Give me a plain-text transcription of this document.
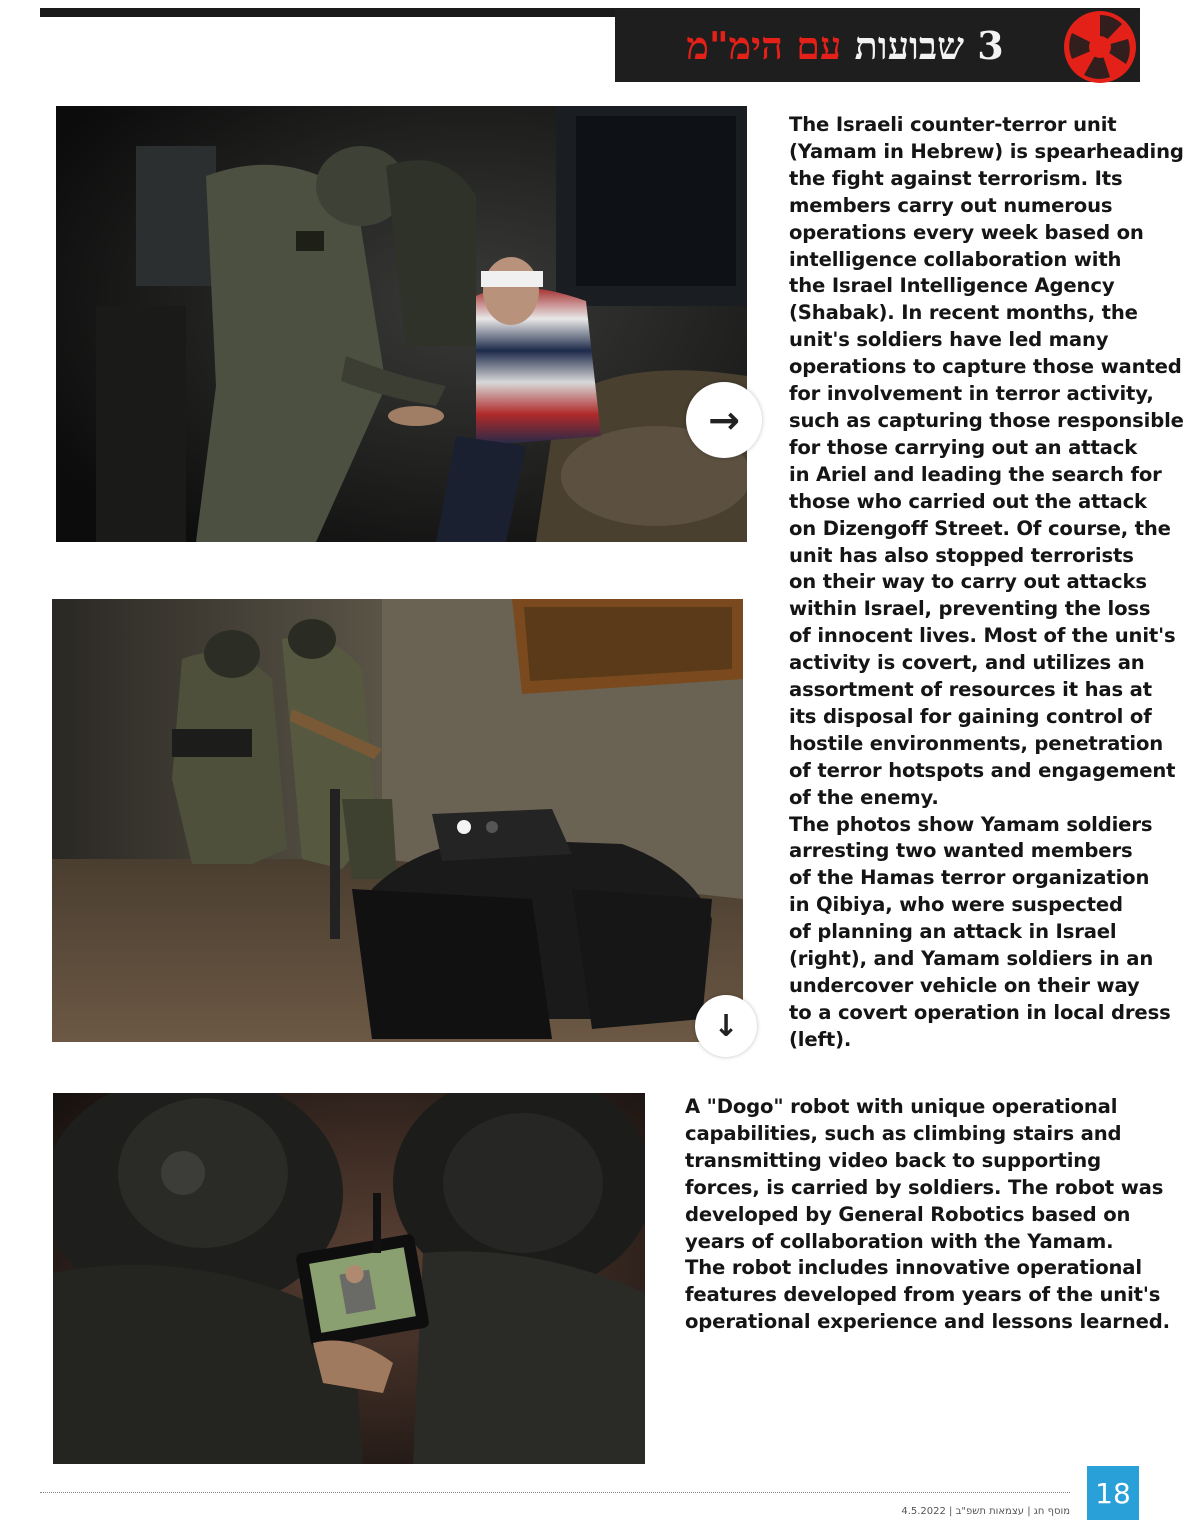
3

שבועות

עם הימ"מ
→
↓
The Israeli counter-terror unit
(Yamam in Hebrew) is spearheading
the fight against terrorism. Its
members carry out numerous
operations every week based on
intelligence collaboration with
the Israel Intelligence Agency
(Shabak). In recent months, the
unit's soldiers have led many
operations to capture those wanted
for involvement in terror activity,
such as capturing those responsible
for those carrying out an attack
in Ariel and leading the search for
those who carried out the attack
on Dizengoff Street. Of course, the
unit has also stopped terrorists
on their way to carry out attacks
within Israel, preventing the loss
of innocent lives. Most of the unit's
activity is covert, and utilizes an
assortment of resources it has at
its disposal for gaining control of
hostile environments, penetration
of terror hotspots and engagement
of the enemy.
The photos show Yamam soldiers
arresting two wanted members
of the Hamas terror organization
in Qibiya, who were suspected
of planning an attack in Israel
(right), and Yamam soldiers in an
undercover vehicle on their way
to a covert operation in local dress
(left).
A "Dogo" robot with unique operational
capabilities, such as climbing stairs and
transmitting video back to supporting
forces, is carried by soldiers. The robot was
developed by General Robotics based on
years of collaboration with the Yamam.
The robot includes innovative operational
features developed from years of the unit's
operational experience and lessons learned.
18
מוסף חג | עצמאות תשפ"ב | 4.5.2022
